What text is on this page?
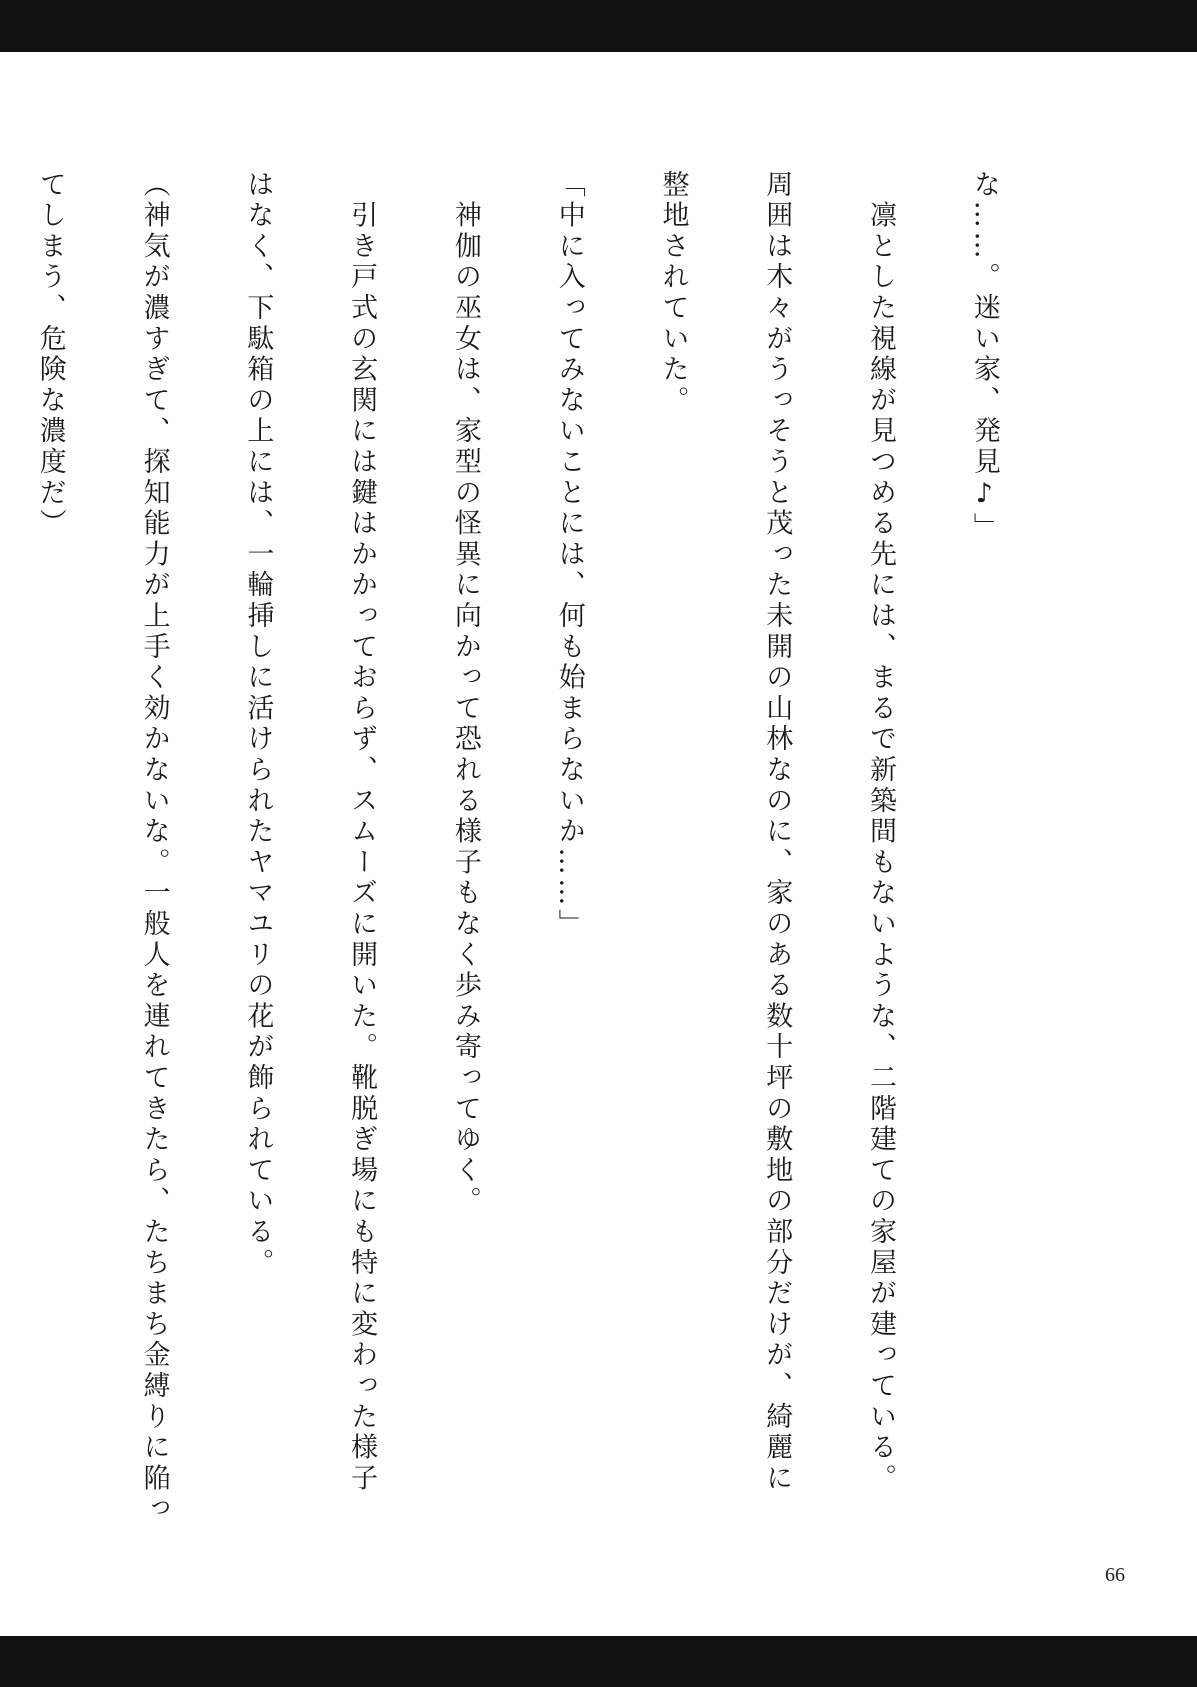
な……。迷い家、発見♪」

　凛とした視線が見つめる先には、まるで新築間もないような、二階建ての家屋が建っている。

周囲は木々がうっそうと茂った未開の山林なのに、家のある数十坪の敷地の部分だけが、綺麗に

整地されていた。

「中に入ってみないことには、何も始まらないか……」

　神伽の巫女は、家型の怪異に向かって恐れる様子もなく歩み寄ってゆく。

　引き戸式の玄関には鍵はかかっておらず、スムーズに開いた。靴脱ぎ場にも特に変わった様子

はなく、下駄箱の上には、一輪挿しに活けられたヤマユリの花が飾られている。

（神気が濃すぎて、探知能力が上手く効かないな。一般人を連れてきたら、たちまち金縛りに陥っ

てしまう、危険な濃度だ）

66
